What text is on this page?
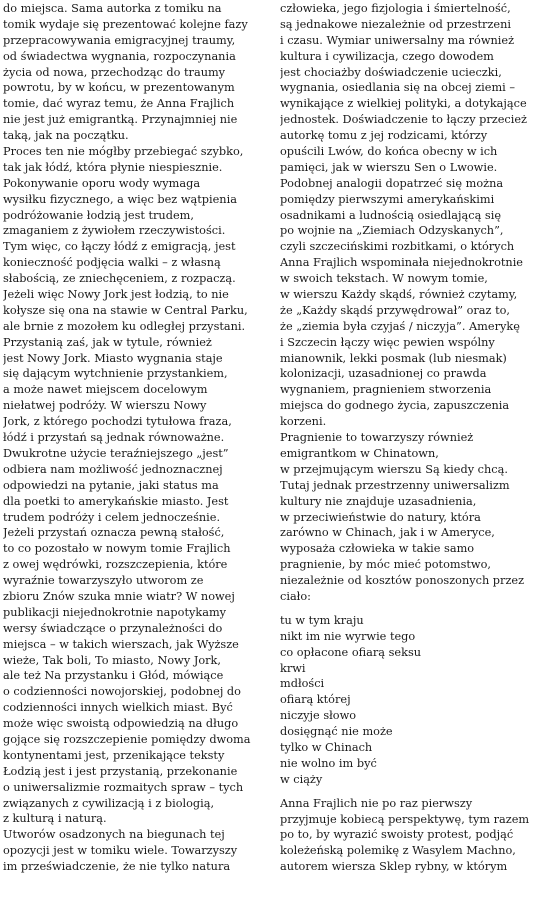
do miejsca. Sama autorka z tomiku na
tomik wydaje się prezentować kolejne fazy
przepracowywania emigracyjnej traumy,
od świadectwa wygnania, rozpoczynania
życia od nowa, przechodząc do traumy
powrotu, by w końcu, w prezentowanym
tomie, dać wyraz temu, że Anna Frajlich
nie jest już emigrantką. Przynajmniej nie
taką, jak na początku.
Proces ten nie mógłby przebiegać szybko,
tak jak łódź, która płynie niespiesznie.
Pokonywanie oporu wody wymaga
wysiłku fizycznego, a więc bez wątpienia
podróżowanie łodzią jest trudem,
zmaganiem z żywiołem rzeczywistości.
Tym więc, co łączy łódź z emigracją, jest
konieczność podjęcia walki – z własną
słabością, ze zniechęceniem, z rozpaczą.
Jeżeli więc Nowy Jork jest łodzią, to nie
kołysze się ona na stawie w Central Parku,
ale brnie z mozołem ku odległej przystani.
Przystanią zaś, jak w tytule, również
jest Nowy Jork. Miasto wygnania staje
się dającym wytchnienie przystankiem,
a może nawet miejscem docelowym
niełatwej podróży. W wierszu Nowy
Jork, z którego pochodzi tytułowa fraza,
łódź i przystań są jednak równoważne.
Dwukrotne użycie teraźniejszego „jest”
odbiera nam możliwość jednoznacznej
odpowiedzi na pytanie, jaki status ma
dla poetki to amerykańskie miasto. Jest
trudem podróży i celem jednocześnie.
Jeżeli przystań oznacza pewną stałość,
to co pozostało w nowym tomie Frajlich
z owej wędrówki, rozszczepienia, które
wyraźnie towarzyszyło utworom ze
zbioru Znów szuka mnie wiatr? W nowej
publikacji niejednokrotnie napotykamy
wersy świadczące o przynależności do
miejsca – w takich wierszach, jak Wyższe
wieże, Tak boli, To miasto, Nowy Jork,
ale też Na przystanku i Głód, mówiące
o codzienności nowojorskiej, podobnej do
codzienności innych wielkich miast. Być
może więc swoistą odpowiedzią na długo
gojące się rozszczepienie pomiędzy dwoma
kontynentami jest, przenikające teksty
Łodzią jest i jest przystanią, przekonanie
o uniwersalizmie rozmaitych spraw – tych
związanych z cywilizacją i z biologią,
z kulturą i naturą.
Utworów osadzonych na biegunach tej
opozycji jest w tomiku wiele. Towarzyszy
im przeświadczenie, że nie tylko natura
człowieka, jego fizjologia i śmiertelność,
są jednakowe niezależnie od przestrzeni
i czasu. Wymiar uniwersalny ma również
kultura i cywilizacja, czego dowodem
jest chociażby doświadczenie ucieczki,
wygnania, osiedlania się na obcej ziemi –
wynikające z wielkiej polityki, a dotykające
jednostek. Doświadczenie to łączy przecież
autorkę tomu z jej rodzicami, którzy
opuścili Lwów, do końca obecny w ich
pamięci, jak w wierszu Sen o Lwowie.
Podobnej analogii dopatrzeć się można
pomiędzy pierwszymi amerykańskimi
osadnikami a ludnością osiedlającą się
po wojnie na „Ziemiach Odzyskanych”,
czyli szczecińskimi rozbitkami, o których
Anna Frajlich wspominała niejednokrotnie
w swoich tekstach. W nowym tomie,
w wierszu Każdy skądś, również czytamy,
że „Każdy skądś przywędrował” oraz to,
że „ziemia była czyjaś / niczyja”. Amerykę
i Szczecin łączy więc pewien wspólny
mianownik, lekki posmak (lub niesmak)
kolonizacji, uzasadnionej co prawda
wygnaniem, pragnieniem stworzenia
miejsca do godnego życia, zapuszczenia
korzeni.
Pragnienie to towarzyszy również
emigrantkom w Chinatown,
w przejmującym wierszu Są kiedy chcą.
Tutaj jednak przestrzenny uniwersalizm
kultury nie znajduje uzasadnienia,
w przeciwieństwie do natury, która
zarówno w Chinach, jak i w Ameryce,
wyposaża człowieka w takie samo
pragnienie, by móc mieć potomstwo,
niezależnie od kosztów ponoszonych przez
ciało:
tu w tym kraju
nikt im nie wyrwie tego
co opłacone ofiarą seksu
krwi
mdłości
ofiarą której
niczyje słowo
dosięgnąć nie może
tylko w Chinach
nie wolno im być
w ciąży
Anna Frajlich nie po raz pierwszy
przyjmuje kobiecą perspektywę, tym razem
po to, by wyrazić swoisty protest, podjąć
koleżeńską polemikę z Wasylem Machno,
autorem wiersza Sklep rybny, w którym
